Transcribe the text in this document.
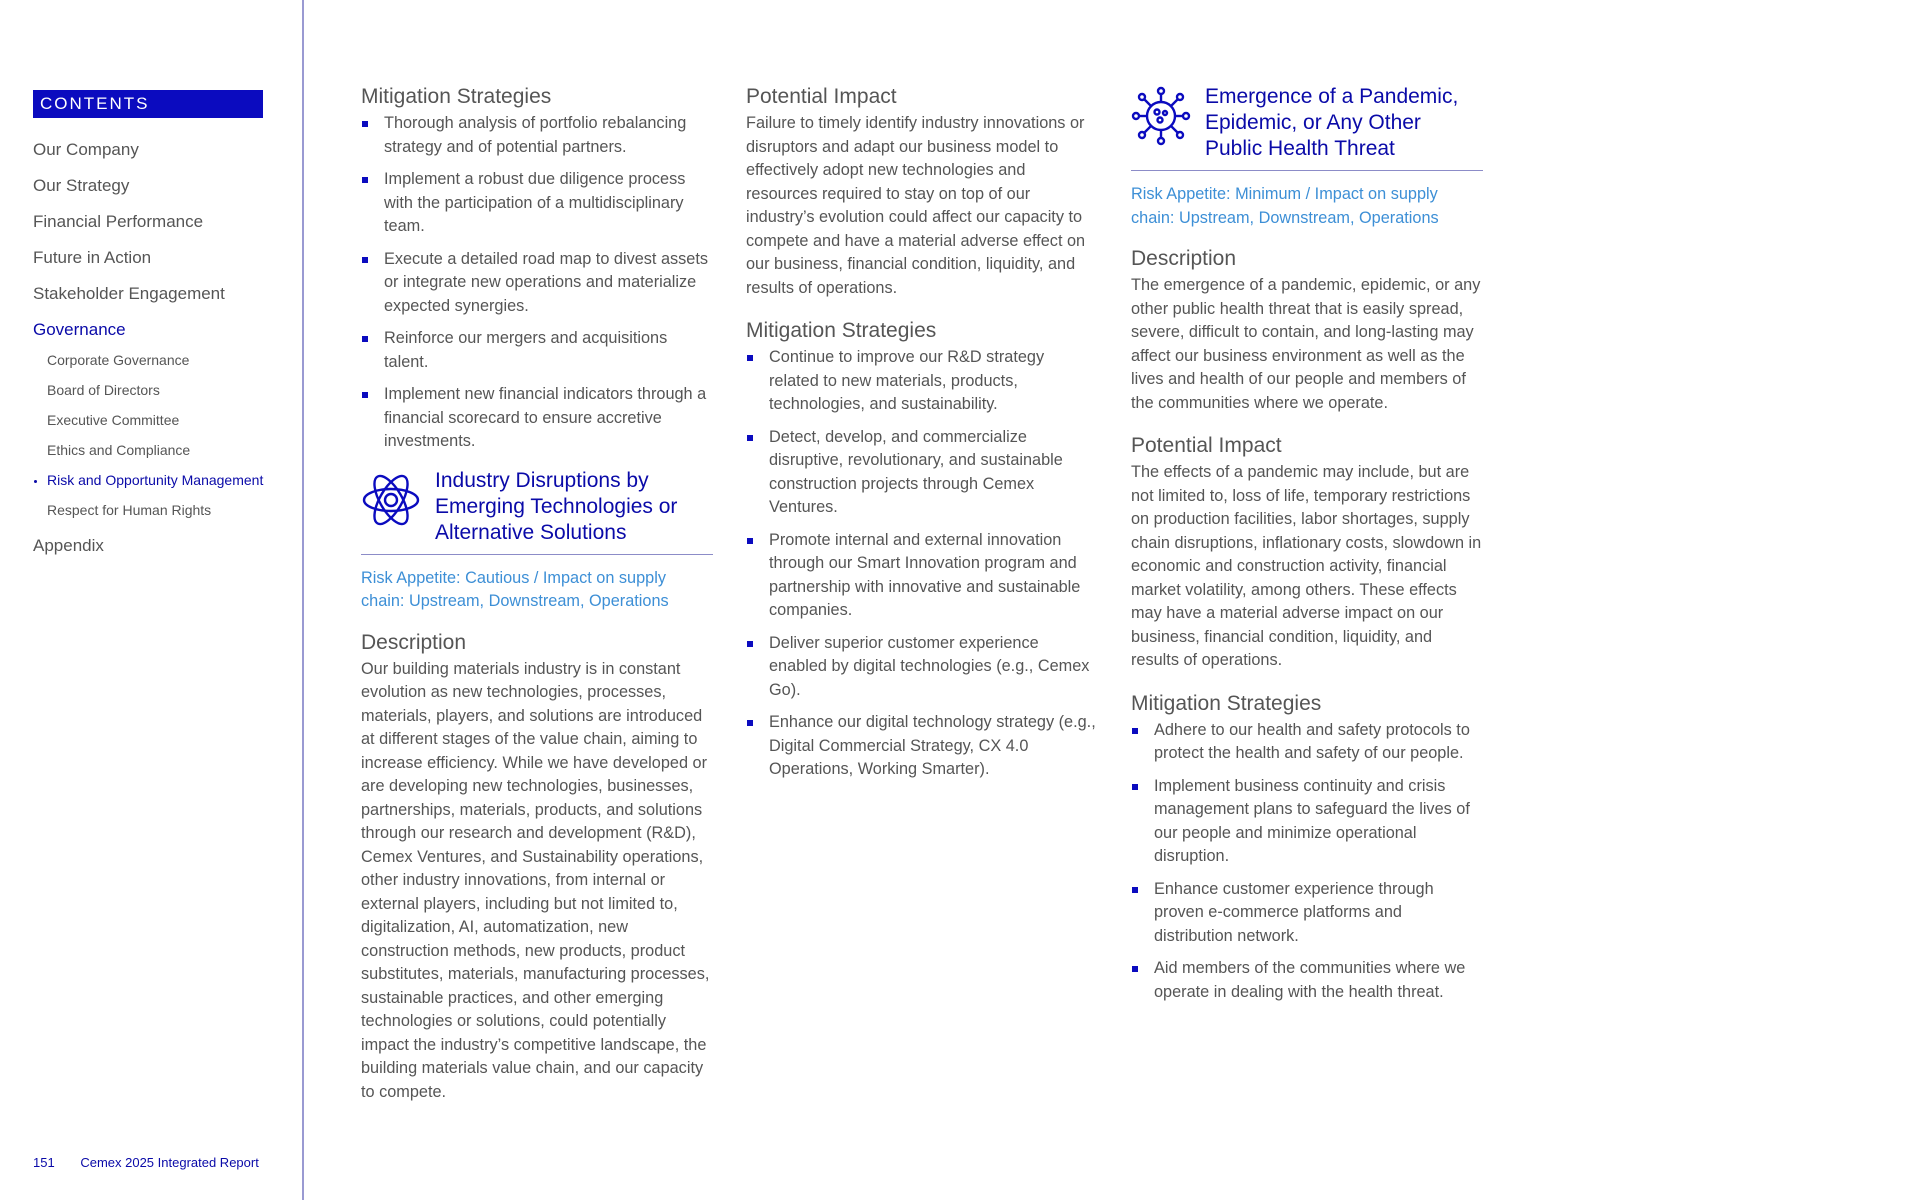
CONTENTS
Our Company
Our Strategy
Financial Performance
Future in Action
Stakeholder Engagement
Governance
Corporate Governance
Board of Directors
Executive Committee
Ethics and Compliance
Risk and Opportunity Management
Respect for Human Rights
Appendix
151 Cemex 2025 Integrated Report
Mitigation Strategies
Thorough analysis of portfolio rebalancing strategy and of potential partners.
Implement a robust due diligence process with the participation of a multidisciplinary team.
Execute a detailed road map to divest assets or integrate new operations and materialize expected synergies.
Reinforce our mergers and acquisitions talent.
Implement new financial indicators through a financial scorecard to ensure accretive investments.
Industry Disruptions by
Emerging Technologies or
Alternative Solutions

Risk Appetite: Cautious / Impact on supply
chain: Upstream, Downstream, Operations

Description

Our building materials industry is in constant evolution as new technologies, processes, materials, players, and solutions are introduced at different stages of the value chain, aiming to increase efficiency. While we have developed or are developing new technologies, businesses, partnerships, materials, products, and solutions through our research and development (R&D), Cemex Ventures, and Sustainability operations, other industry innovations, from internal or external players, including but not limited to, digitalization, AI, automatization, new construction methods, new products, product substitutes, materials, manufacturing processes, sustainable practices, and other emerging technologies or solutions, could potentially impact the industry’s competitive landscape, the building materials value chain, and our capacity to compete.

Potential Impact

Failure to timely identify industry innovations or disruptors and adapt our business model to effectively adopt new technologies and resources required to stay on top of our industry’s evolution could affect our capacity to compete and have a material adverse effect on our business, financial condition, liquidity, and results of operations.

Mitigation Strategies
Continue to improve our R&D strategy related to new materials, products, technologies, and sustainability.
Detect, develop, and commercialize disruptive, revolutionary, and sustainable construction projects through Cemex Ventures.
Promote internal and external innovation through our Smart Innovation program and partnership with innovative and sustainable companies.
Deliver superior customer experience enabled by digital technologies (e.g., Cemex Go).
Enhance our digital technology strategy (e.g., Digital Commercial Strategy, CX 4.0 Operations, Working Smarter).
Emergence of a Pandemic,
Epidemic, or Any Other
Public Health Threat

Risk Appetite: Minimum / Impact on supply
chain: Upstream, Downstream, Operations

Description

The emergence of a pandemic, epidemic, or any other public health threat that is easily spread, severe, difficult to contain, and long-lasting may affect our business environment as well as the lives and health of our people and members of the communities where we operate.

Potential Impact

The effects of a pandemic may include, but are not limited to, loss of life, temporary restrictions on production facilities, labor shortages, supply chain disruptions, inflationary costs, slowdown in economic and construction activity, financial market volatility, among others. These effects may have a material adverse impact on our business, financial condition, liquidity, and results of operations.

Mitigation Strategies
Adhere to our health and safety protocols to protect the health and safety of our people.
Implement business continuity and crisis management plans to safeguard the lives of our people and minimize operational disruption.
Enhance customer experience through proven e-commerce platforms and distribution network.
Aid members of the communities where we operate in dealing with the health threat.
